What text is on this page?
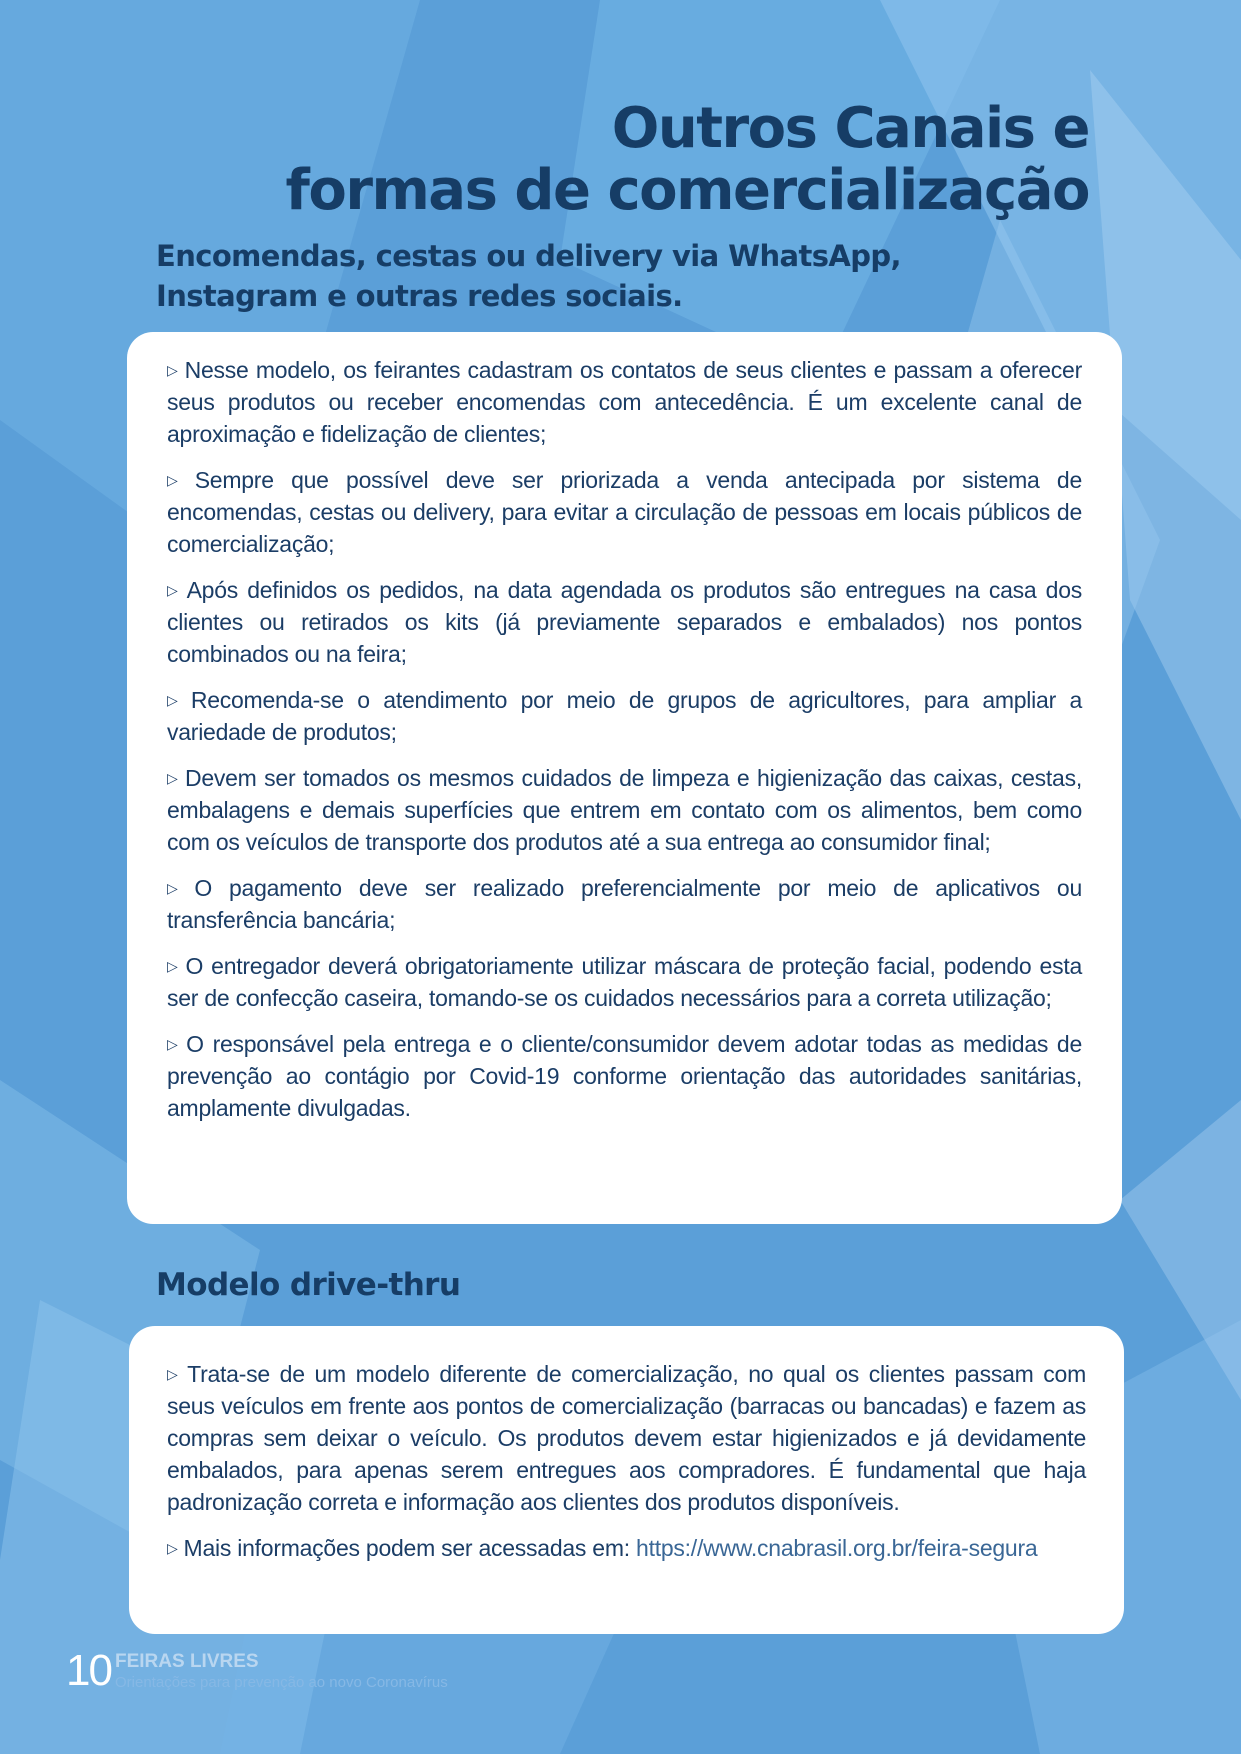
Outros Canais e
formas de comercialização
Encomendas, cestas ou delivery via WhatsApp,
Instagram e outras redes sociais.

▷ Nesse modelo, os feirantes cadastram os contatos de seus clientes e passam a oferecer seus produtos ou receber encomendas com antecedência. É um excelente canal de aproximação e fidelização de clientes;

▷ Sempre que possível deve ser priorizada a venda antecipada por sistema de encomendas, cestas ou delivery, para evitar a circulação de pessoas em locais públicos de comercialização;

▷ Após definidos os pedidos, na data agendada os produtos são entregues na casa dos clientes ou retirados os kits (já previamente separados e embalados) nos pontos combinados ou na feira;

▷ Recomenda-se o atendimento por meio de grupos de agricultores, para ampliar a variedade de produtos;

▷ Devem ser tomados os mesmos cuidados de limpeza e higienização das caixas, cestas, embalagens e demais superfícies que entrem em contato com os alimentos, bem como com os veículos de transporte dos produtos até a sua entrega ao consumidor final;

▷ O pagamento deve ser realizado preferencialmente por meio de aplicativos ou transferência bancária;

▷ O entregador deverá obrigatoriamente utilizar máscara de proteção facial, podendo esta ser de confecção caseira, tomando-se os cuidados necessários para a correta utilização;

▷ O responsável pela entrega e o cliente/consumidor devem adotar todas as medidas de prevenção ao contágio por Covid-19 conforme orientação das autoridades sanitárias, amplamente divulgadas.

Modelo drive-thru

▷ Trata-se de um modelo diferente de comercialização, no qual os clientes passam com seus veículos em frente aos pontos de comercialização (barracas ou bancadas) e fazem as compras sem deixar o veículo. Os produtos devem estar higienizados e já devidamente embalados, para apenas serem entregues aos compradores. É fundamental que haja padronização correta e informação aos clientes dos produtos disponíveis.

▷ Mais informações podem ser acessadas em: https://www.cnabrasil.org.br/feira-segura

10 FEIRAS LIVRES
Orientações para prevenção ao novo Coronavírus
